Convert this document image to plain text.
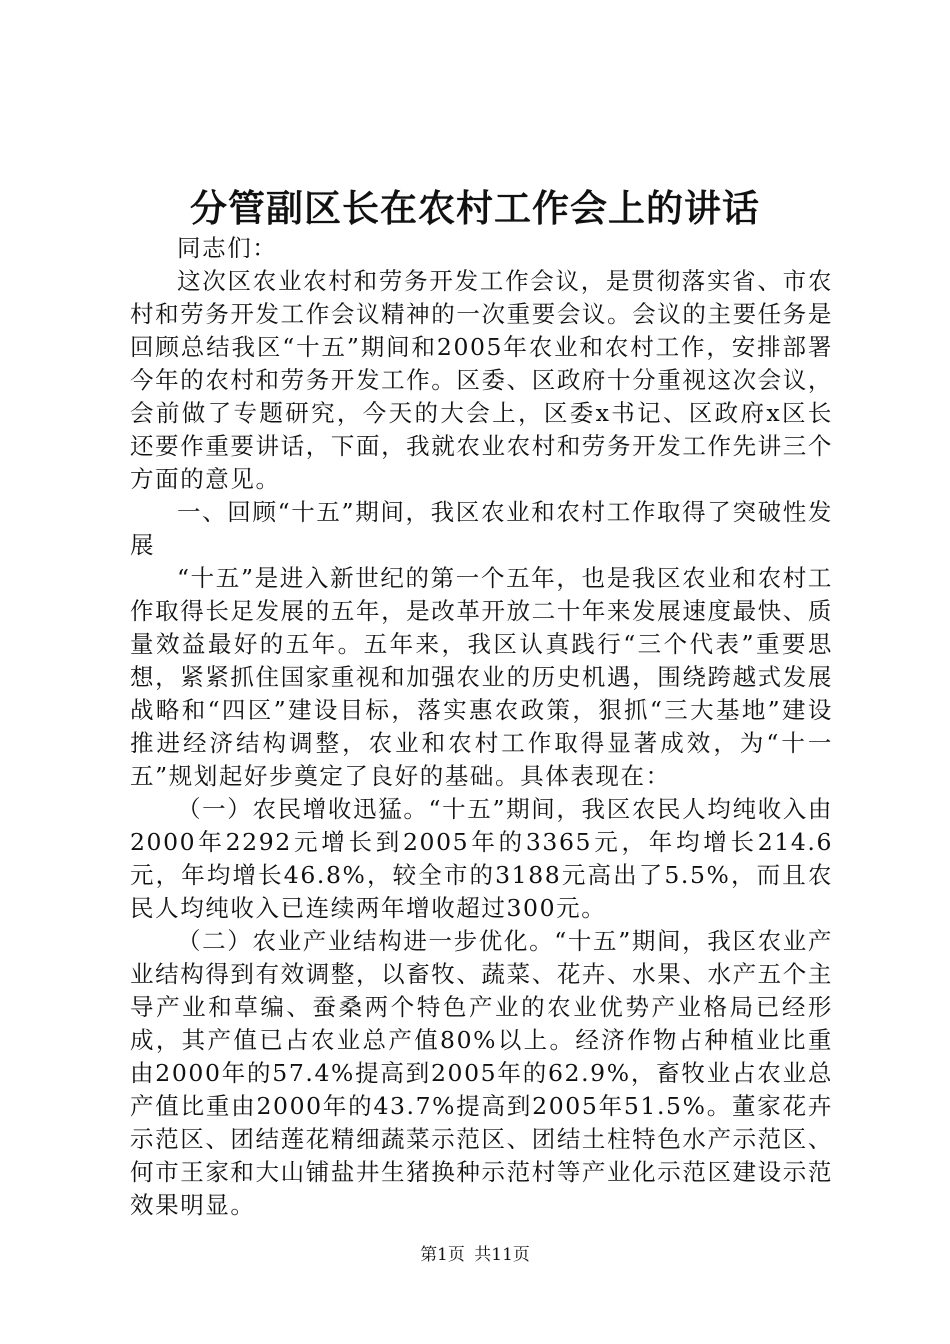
分管副区长在农村工作会上的讲话

同志们：

这次区农业农村和劳务开发工作会议，是贯彻落实省、市农村和劳务开发工作会议精神的一次重要会议。会议的主要任务是回顾总结我区“十五”期间和2005年农业和农村工作，安排部署今年的农村和劳务开发工作。区委、区政府十分重视这次会议，会前做了专题研究，今天的大会上，区委x书记、区政府x区长还要作重要讲话，下面，我就农业农村和劳务开发工作先讲三个方面的意见。

一、回顾“十五”期间，我区农业和农村工作取得了突破性发展

“十五”是进入新世纪的第一个五年，也是我区农业和农村工作取得长足发展的五年，是改革开放二十年来发展速度最快、质量效益最好的五年。五年来，我区认真践行“三个代表”重要思想，紧紧抓住国家重视和加强农业的历史机遇，围绕跨越式发展战略和“四区”建设目标，落实惠农政策，狠抓“三大基地”建设推进经济结构调整，农业和农村工作取得显著成效，为“十一五”规划起好步奠定了良好的基础。具体表现在：

（一）农民增收迅猛。“十五”期间，我区农民人均纯收入由2000年2292元增长到2005年的3365元，年均增长214.6元，年均增长46.8%，较全市的3188元高出了5.5%，而且农民人均纯收入已连续两年增收超过300元。

（二）农业产业结构进一步优化。“十五”期间，我区农业产业结构得到有效调整，以畜牧、蔬菜、花卉、水果、水产五个主导产业和草编、蚕桑两个特色产业的农业优势产业格局已经形成，其产值已占农业总产值80%以上。经济作物占种植业比重由2000年的57.4%提高到2005年的62.9%，畜牧业占农业总产值比重由2000年的43.7%提高到2005年51.5%。董家花卉示范区、团结莲花精细蔬菜示范区、团结土柱特色水产示范区、何市王家和大山铺盐井生猪换种示范村等产业化示范区建设示范效果明显。

第1页 共11页
